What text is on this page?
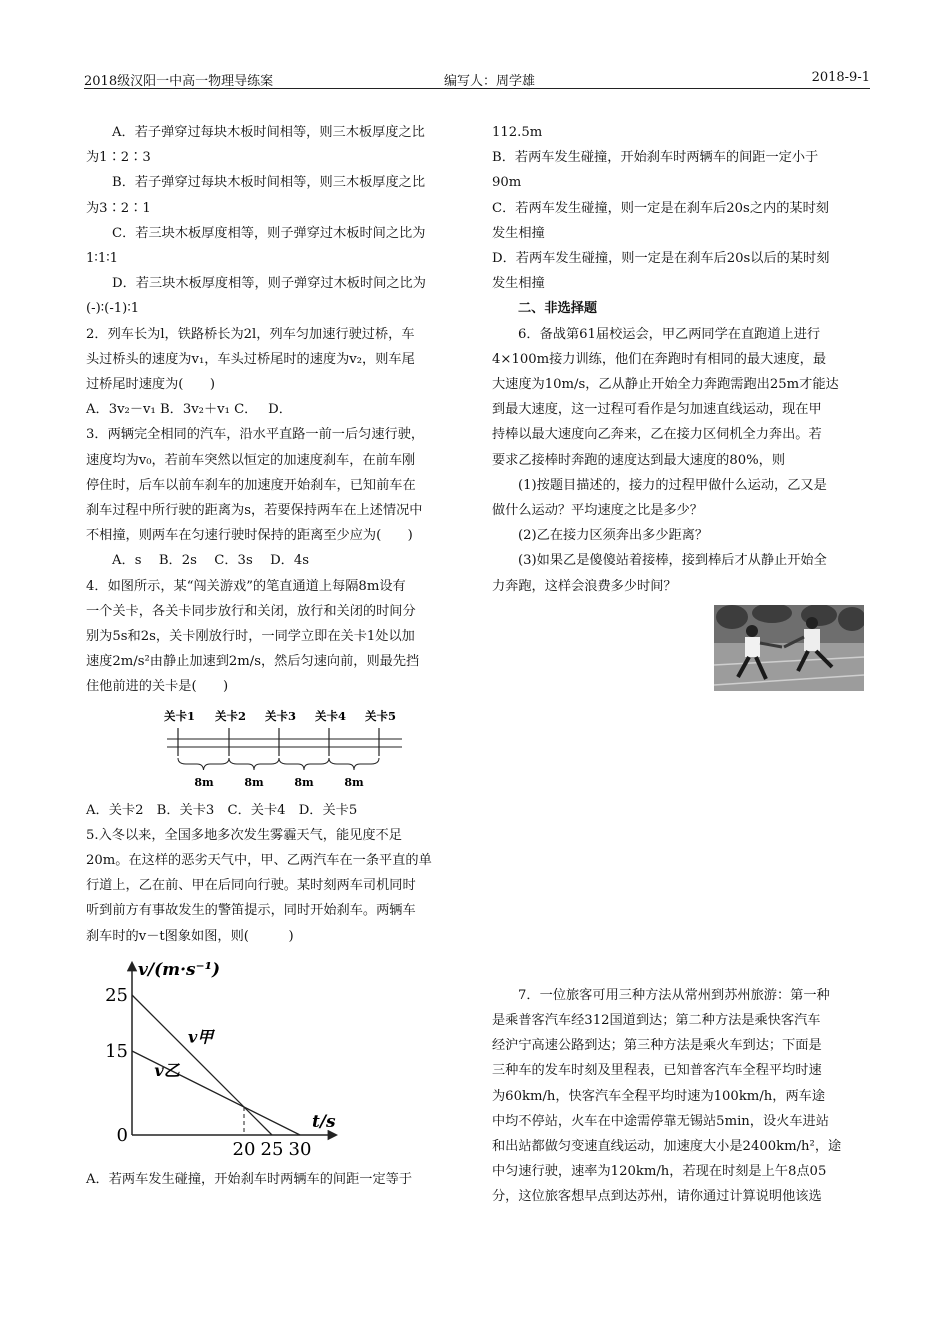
2018级汉阳一中高一物理导练案	编写人：周学雄	2018-9-1

A．若子弹穿过每块木板时间相等，则三木板厚度之比

为1∶2∶3

B．若子弹穿过每块木板时间相等，则三木板厚度之比

为3∶2∶1

C．若三块木板厚度相等，则子弹穿过木板时间之比为

1∶1∶1

D．若三块木板厚度相等，则子弹穿过木板时间之比为

(-)∶(-1)∶1

2．列车长为l，铁路桥长为2l，列车匀加速行驶过桥，车

头过桥头的速度为v₁，车头过桥尾时的速度为v₂，则车尾

过桥尾时速度为(　　)

A．3v₂－v₁ B．3v₂＋v₁ C．　 D．

3．两辆完全相同的汽车，沿水平直路一前一后匀速行驶，

速度均为v₀，若前车突然以恒定的加速度刹车，在前车刚

停住时，后车以前车刹车的加速度开始刹车，已知前车在

刹车过程中所行驶的距离为s，若要保持两车在上述情况中

不相撞，则两车在匀速行驶时保持的距离至少应为(　　)

A．s　 B．2s　 C．3s　 D．4s

4．如图所示，某“闯关游戏”的笔直通道上每隔8m设有

一个关卡，各关卡同步放行和关闭，放行和关闭的时间分

别为5s和2s，关卡刚放行时，一同学立即在关卡1处以加

速度2m/s²由静止加速到2m/s，然后匀速向前，则最先挡

住他前进的关卡是(　　)

关卡1 关卡2 关卡3 关卡4 关卡5
8m	8m	8m	8m

A．关卡2　B．关卡3　C．关卡4　D．关卡5

5.入冬以来，全国多地多次发生雾霾天气，能见度不足

20m。在这样的恶劣天气中，甲、乙两汽车在一条平直的单

行道上，乙在前、甲在后同向行驶。某时刻两车司机同时

听到前方有事故发生的警笛提示，同时开始刹车。两辆车

刹车时的v－t图象如图，则(　　　)

v/(m·s⁻¹)
t/s
25
15
0
20 25 30
v甲
v乙

A．若两车发生碰撞，开始刹车时两辆车的间距一定等于

112.5m

B．若两车发生碰撞，开始刹车时两辆车的间距一定小于

90m

C．若两车发生碰撞，则一定是在刹车后20s之内的某时刻

发生相撞

D．若两车发生碰撞，则一定是在刹车后20s以后的某时刻

发生相撞

二、非选择题

6．备战第61届校运会，甲乙两同学在直跑道上进行

4×100m接力训练，他们在奔跑时有相同的最大速度，最

大速度为10m/s，乙从静止开始全力奔跑需跑出25m才能达

到最大速度，这一过程可看作是匀加速直线运动，现在甲

持棒以最大速度向乙奔来，乙在接力区伺机全力奔出。若

要求乙接棒时奔跑的速度达到最大速度的80%，则

(1)按题目描述的，接力的过程甲做什么运动，乙又是

做什么运动？平均速度之比是多少？

(2)乙在接力区须奔出多少距离？

(3)如果乙是傻傻站着接棒，接到棒后才从静止开始全

力奔跑，这样会浪费多少时间？

7．一位旅客可用三种方法从常州到苏州旅游：第一种

是乘普客汽车经312国道到达；第二种方法是乘快客汽车

经沪宁高速公路到达；第三种方法是乘火车到达；下面是

三种车的发车时刻及里程表，已知普客汽车全程平均时速

为60km/h，快客汽车全程平均时速为100km/h，两车途

中均不停站，火车在中途需停靠无锡站5min，设火车进站

和出站都做匀变速直线运动，加速度大小是2400km/h²，途

中匀速行驶，速率为120km/h，若现在时刻是上午8点05

分，这位旅客想早点到达苏州，请你通过计算说明他该选
